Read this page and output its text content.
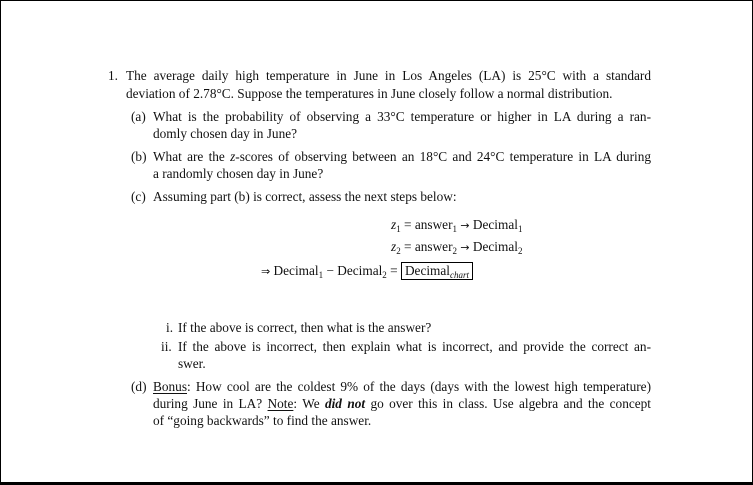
1. The average daily high temperature in June in Los Angeles (LA) is 25°C with a standard
deviation of 2.78°C. Suppose the temperatures in June closely follow a normal distribution.
(a) What is the probability of observing a 33°C temperature or higher in LA during a ran-
domly chosen day in June?
(b) What are the z-scores of observing between an 18°C and 24°C temperature in LA during
a randomly chosen day in June?
(c) Assuming part (b) is correct, assess the next steps below:
$z_1$ = answer$_1$ → Decimal$_1$
$z_2$ = answer$_2$ → Decimal$_2$
⇒ Decimal$_1$ − Decimal$_2$ = Decimal$_{chart}$
i. If the above is correct, then what is the answer?
ii. If the above is incorrect, then explain what is incorrect, and provide the correct an-
swer.
(d) Bonus: How cool are the coldest 9% of the days (days with the lowest high temperature)
during June in LA? Note: We did not go over this in class. Use algebra and the concept
of “going backwards” to find the answer.
